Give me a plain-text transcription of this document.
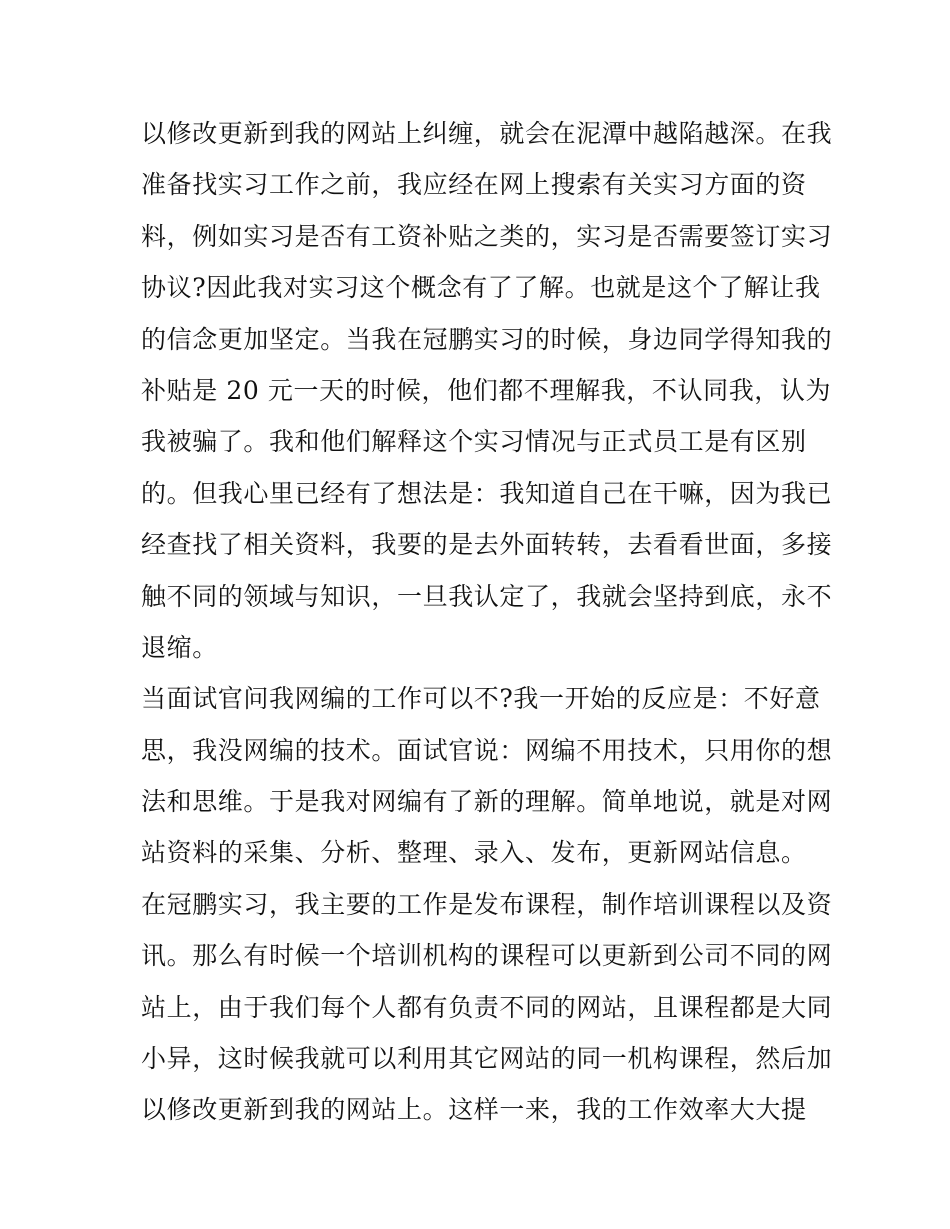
以修改更新到我的网站上纠缠，就会在泥潭中越陷越深。在我
准备找实习工作之前，我应经在网上搜索有关实习方面的资
料，例如实习是否有工资补贴之类的，实习是否需要签订实习
协议?因此我对实习这个概念有了了解。也就是这个了解让我
的信念更加坚定。当我在冠鹏实习的时候，身边同学得知我的
补贴是 20 元一天的时候，他们都不理解我，不认同我，认为
我被骗了。我和他们解释这个实习情况与正式员工是有区别
的。但我心里已经有了想法是：我知道自己在干嘛，因为我已
经查找了相关资料，我要的是去外面转转，去看看世面，多接
触不同的领域与知识，一旦我认定了，我就会坚持到底，永不
退缩。
当面试官问我网编的工作可以不?我一开始的反应是：不好意
思，我没网编的技术。面试官说：网编不用技术，只用你的想
法和思维。于是我对网编有了新的理解。简单地说，就是对网
站资料的采集、分析、整理、录入、发布，更新网站信息。
在冠鹏实习，我主要的工作是发布课程，制作培训课程以及资
讯。那么有时候一个培训机构的课程可以更新到公司不同的网
站上，由于我们每个人都有负责不同的网站，且课程都是大同
小异，这时候我就可以利用其它网站的同一机构课程，然后加
以修改更新到我的网站上。这样一来，我的工作效率大大提
